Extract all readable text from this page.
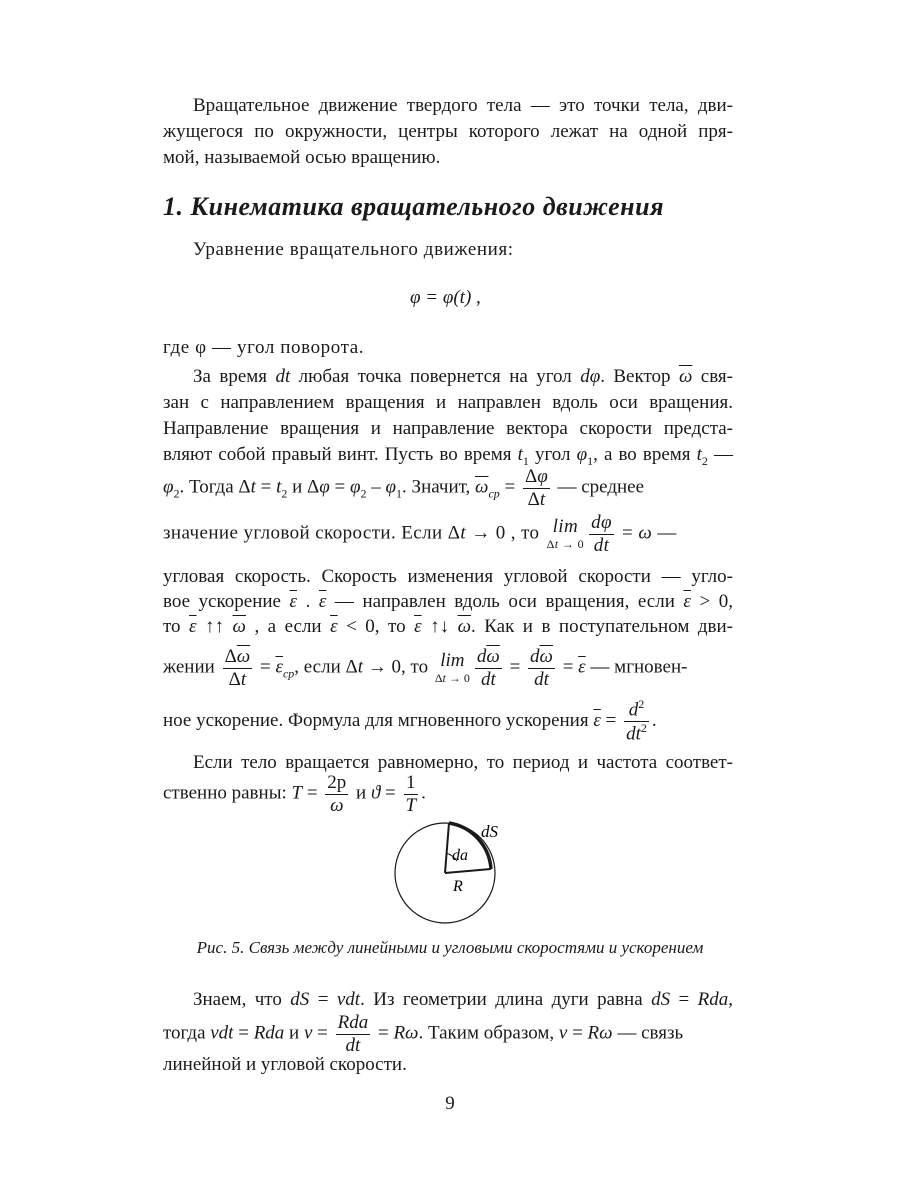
Вращательное движение твердого тела — это точки тела, дви-
жущегося по окружности, центры которого лежат на одной пря-
мой, называемой осью вращению.
1. Кинематика вращательного движения
Уравнение вращательного движения:
φ = φ(t) ,
где φ — угол поворота.
За время dt любая точка повернется на угол dφ. Вектор $\overline{\omega}$ свя-
зан с направлением вращения и направлен вдоль оси вращения.
Направление вращения и направление вектора скорости предста-
вляют собой правый винт. Пусть во время $t_1$ угол $\varphi_1$, а во время $t_2$ —
$\varphi_2$. Тогда $\Delta t = t_2$ и $\Delta\varphi = \varphi_2 - \varphi_1$. Значит, $\overline{\omega}_{ср} = \frac{\Delta\varphi}{\Delta t}$ — среднее
значение угловой скорости. Если Δt → 0 , то lim
$\Delta t \to 0 \frac{d\varphi}{dt} = \omega$ —
угловая скорость. Скорость изменения угловой скорости — угло-
вое ускорение $\overline{\varepsilon}$ . $\overline{\varepsilon}$ — направлен вдоль оси вращения, если $\overline{\varepsilon} > 0$,
то $\overline{\varepsilon}$ ↑↑ $\overline{\omega}$ , а если $\overline{\varepsilon} < 0$, то $\overline{\varepsilon}$ ↑↓ $\overline{\omega}$. Как и в поступательном дви-
жении $\frac{\Delta\overline{\omega}}{\Delta t} = \overline{\varepsilon}_{ср}$, если Δt → 0, то lim
$\Delta t \to 0 \frac{d\overline{\omega}}{dt} = \frac{d\overline{\omega}}{dt} = \overline{\varepsilon}$ — мгновен-
ное ускорение. Формула для мгновенного ускорения $\overline{\varepsilon} = \frac{d^2}{dt^2}$ .
Если тело вращается равномерно, то период и частота соответ-
ственно равны: $T = \frac{2p}{\omega}$ и $ϑ = \frac{1}{T}$ .
dS
da
R
Рис. 5. Связь между линейными и угловыми скоростями и ускорением
Знаем, что dS = vdt. Из геометрии длина дуги равна dS = Rda,
тогда vdt = Rda и v =
Rda
dt
= Rω. Таким образом, v = Rω — связь
линейной и угловой скорости.
9
